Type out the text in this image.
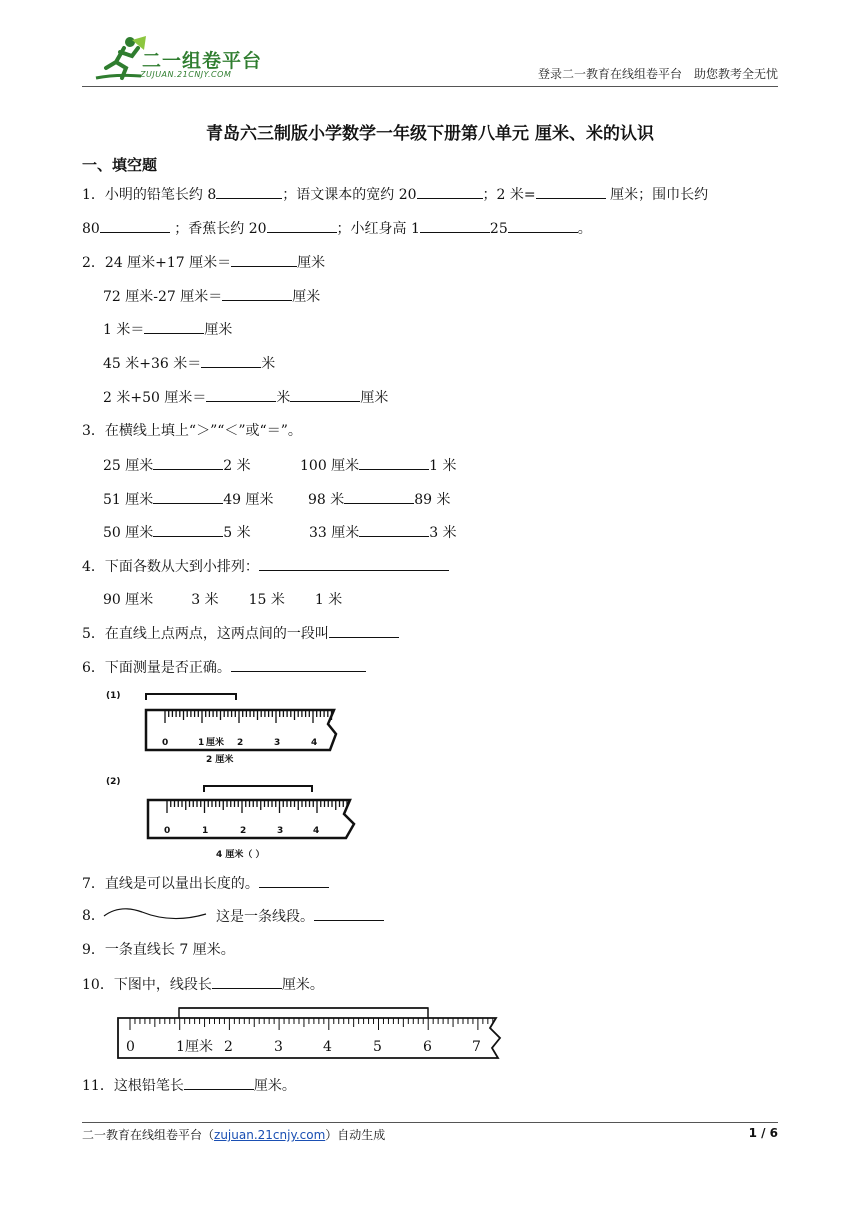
二一组卷平台
ZUJUAN.21CNJY.COM	登录二一教育在线组卷平台　助您教考全无忧
青岛六三制版小学数学一年级下册第八单元 厘米、米的认识
一、填空题
1．小明的铅笔长约 8	；语文课本的宽约 20	；2 米=	厘米；围巾长约
80	；香蕉长约 20	；小红身高 1	25	。
2．24 厘米+17 厘米＝	厘米
72 厘米-27 厘米＝	厘米
1 米＝	厘米
45 米+36 米＝	米
2 米+50 厘米＝	米	厘米
3．在横线上填上“＞”“＜”或“＝”。
25 厘米	2 米	100 厘米	1 米
51 厘米	49 厘米 98 米	89 米
50 厘米	5 米	33 厘米	3 米
4．下面各数从大到小排列：
90 厘米	3 米 15 米 1 米
5．在直线上点两点，这两点间的一段叫
6．下面测量是否正确。
(1)
(2)
0	1 厘米 2	3	4
2 厘米
0	1	2	3	4
4 厘米（ ）
7．直线是可以量出长度的。
8．	这是一条线段。
9．一条直线长 7 厘米。
10．下图中，线段长	厘米。
0	1 厘米 2	3	4	5	6	7
11．这根铅笔长	厘米。
二一教育在线组卷平台（zujuan.21cnjy.com）自动生成	1 / 6
